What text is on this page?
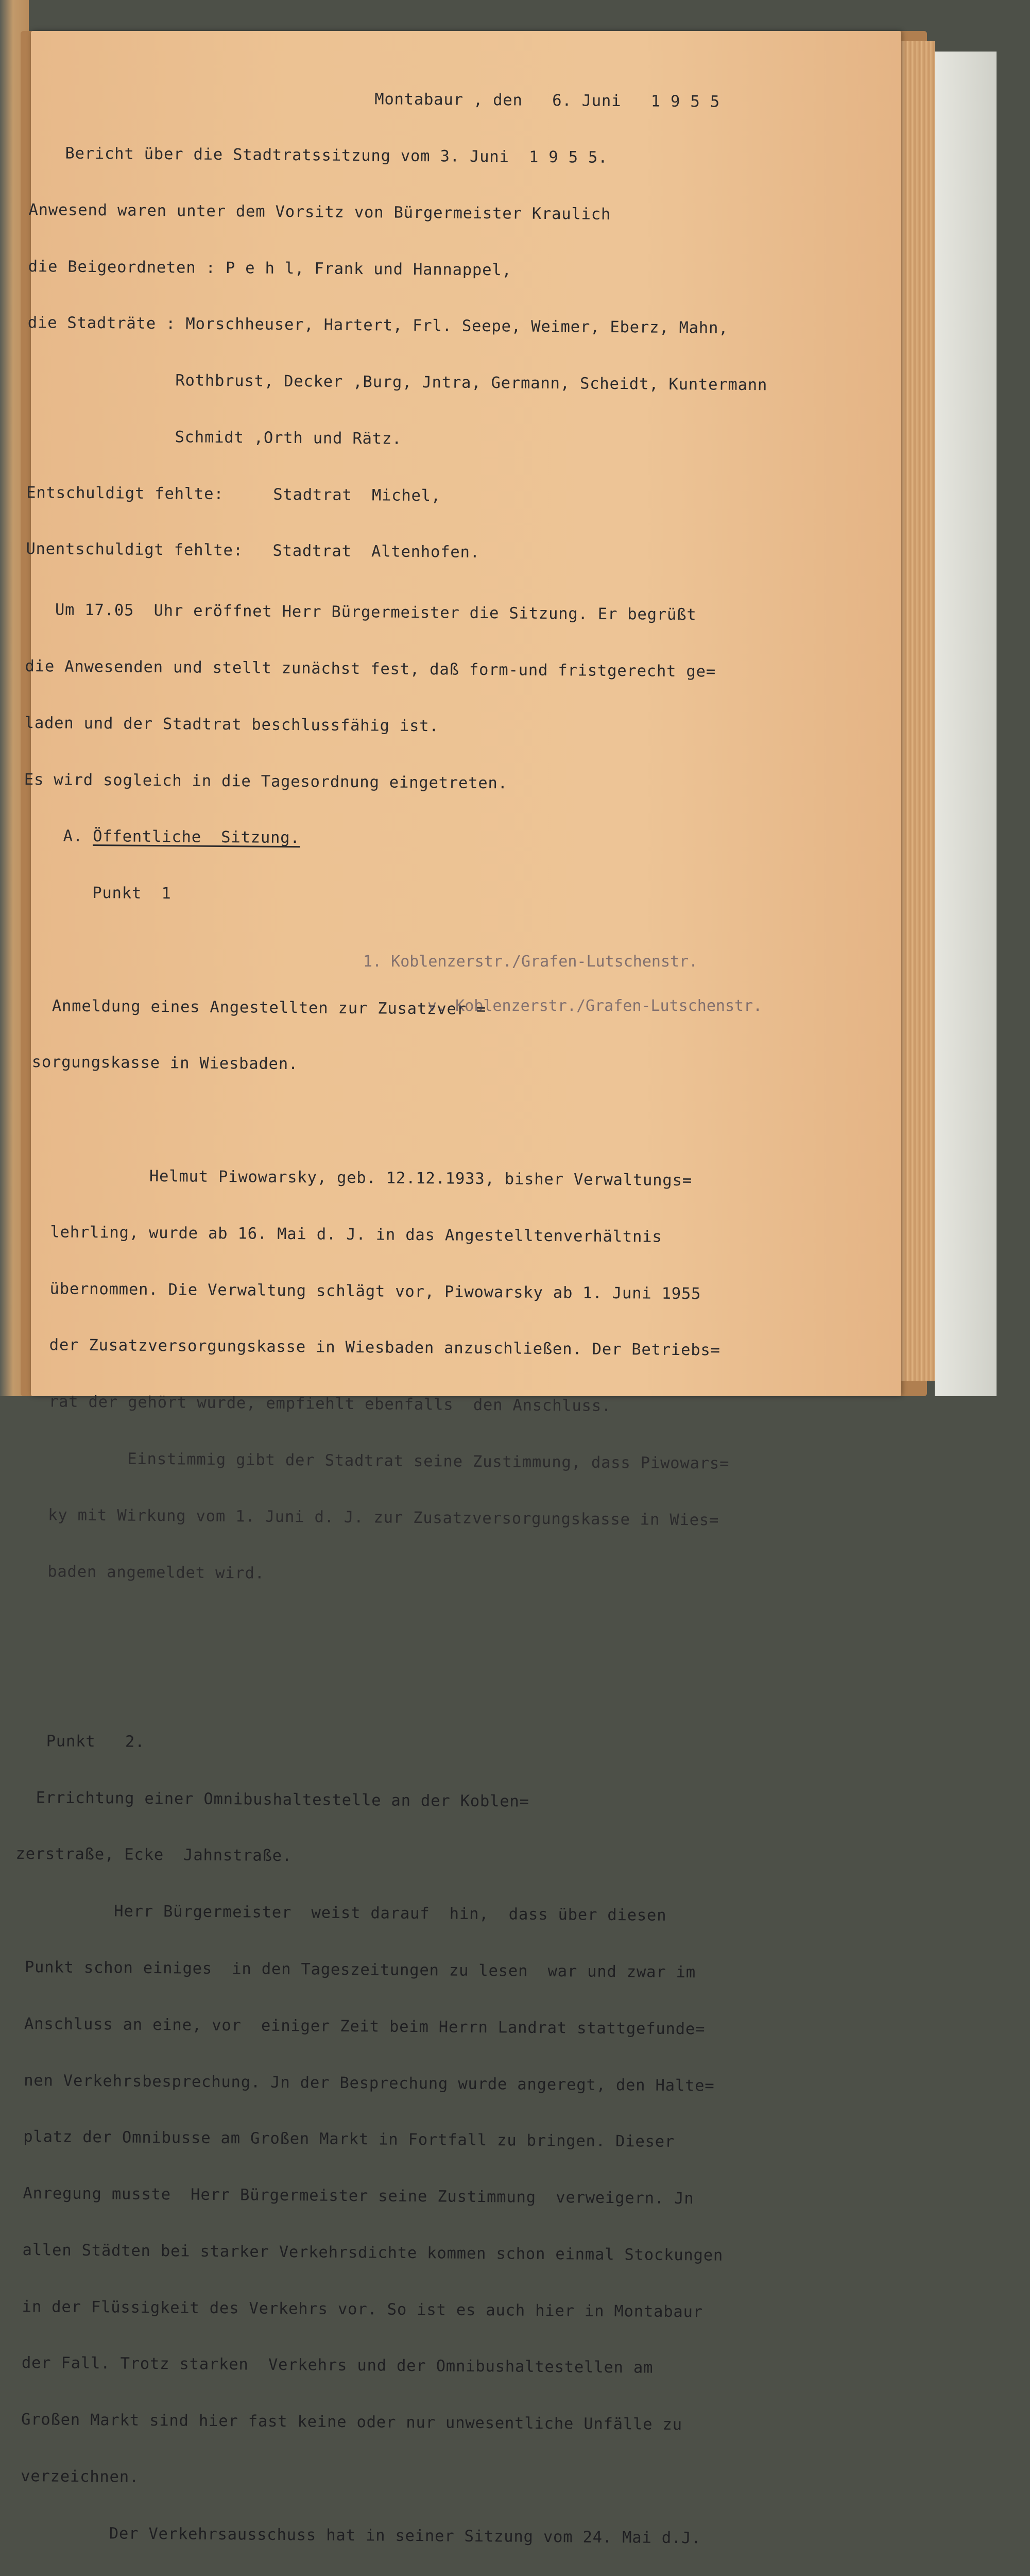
Montabaur , den   6. Juni   1 9 5 5

Bericht über die Stadtratssitzung vom 3. Juni  1 9 5 5.

Anwesend waren unter dem Vorsitz von Bürgermeister Kraulich

die Beigeordneten : P e h l, Frank und Hannappel,

die Stadträte : Morschheuser, Hartert, Frl. Seepe, Weimer, Eberz, Mahn,

Rothbrust, Decker ,Burg, Jntra, Germann, Scheidt, Kuntermann

Schmidt ,Orth und Rätz.

Entschuldigt fehlte:     Stadtrat  Michel,

Unentschuldigt fehlte:   Stadtrat  Altenhofen.

Um 17.05  Uhr eröffnet Herr Bürgermeister die Sitzung. Er begrüßt

die Anwesenden und stellt zunächst fest, daß form-und fristgerecht ge=

laden und der Stadtrat beschlussfähig ist.

Es wird sogleich in die Tagesordnung eingetreten.

A. Öffentliche  Sitzung.

Punkt  1

Anmeldung eines Angestellten zur Zusatzver =

sorgungskasse in Wiesbaden.

Helmut Piwowarsky, geb. 12.12.1933, bisher Verwaltungs=

lehrling, wurde ab 16. Mai d. J. in das Angestelltenverhältnis

übernommen. Die Verwaltung schlägt vor, Piwowarsky ab 1. Juni 1955

der Zusatzversorgungskasse in Wiesbaden anzuschließen. Der Betriebs=

rat der gehört wurde, empfiehlt ebenfalls  den Anschluss.

Einstimmig gibt der Stadtrat seine Zustimmung, dass Piwowars=

ky mit Wirkung vom 1. Juni d. J. zur Zusatzversorgungskasse in Wies=

baden angemeldet wird.

Punkt   2.

Errichtung einer Omnibushaltestelle an der Koblen=

zerstraße, Ecke  Jahnstraße.

Herr Bürgermeister  weist darauf  hin,  dass über diesen

Punkt schon einiges  in den Tageszeitungen zu lesen  war und zwar im

Anschluss an eine, vor  einiger Zeit beim Herrn Landrat stattgefunde=

nen Verkehrsbesprechung. Jn der Besprechung wurde angeregt, den Halte=

platz der Omnibusse am Großen Markt in Fortfall zu bringen. Dieser

Anregung musste  Herr Bürgermeister seine Zustimmung  verweigern. Jn

allen Städten bei starker Verkehrsdichte kommen schon einmal Stockungen

in der Flüssigkeit des Verkehrs vor. So ist es auch hier in Montabaur

der Fall. Trotz starken  Verkehrs und der Omnibushaltestellen am

Großen Markt sind hier fast keine oder nur unwesentliche Unfälle zu

verzeichnen.

Der Verkehrsausschuss hat in seiner Sitzung vom 24. Mai d.J.

1. Koblenzerstr./Grafen-Lutschenstr.
v. Koblenzerstr./Grafen-Lutschenstr.
